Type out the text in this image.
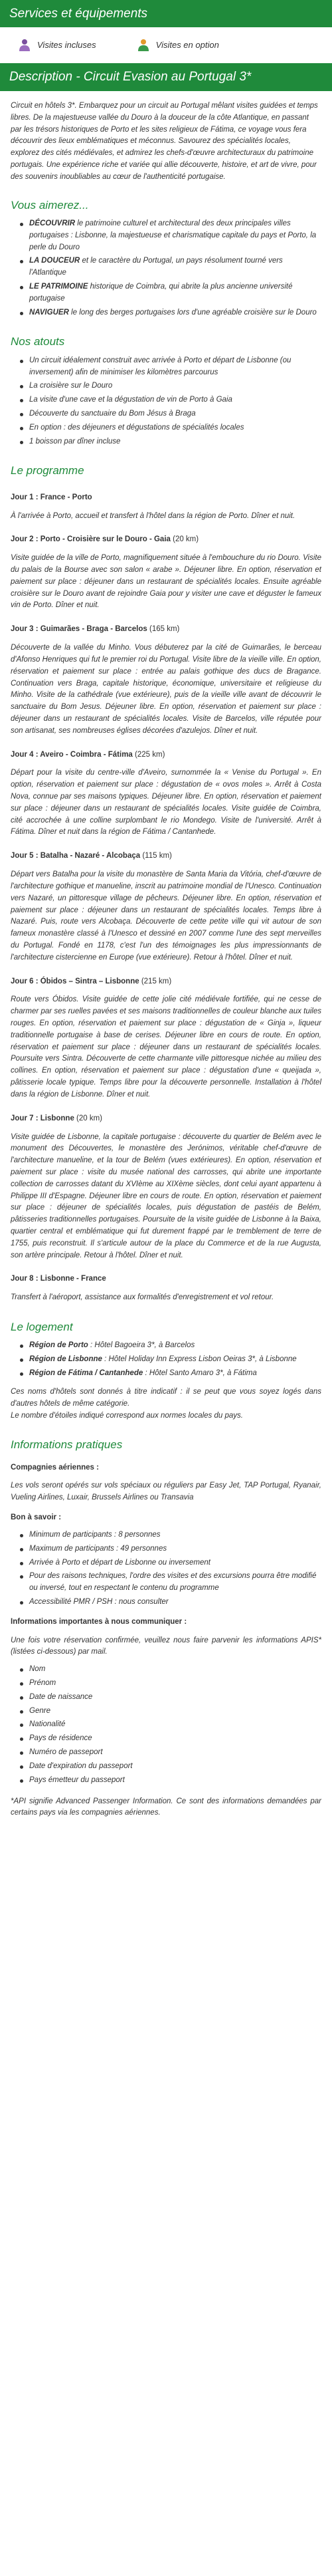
Services et équipements
Visites incluses	Visites en option
Description - Circuit Evasion au Portugal 3*

Circuit en hôtels 3*. Embarquez pour un circuit au Portugal mêlant visites guidées et temps libres. De la majestueuse vallée du Douro à la douceur de la côte Atlantique, en passant par les trésors historiques de Porto et les sites religieux de Fátima, ce voyage vous fera découvrir des lieux emblématiques et méconnus. Savourez des spécialités locales, explorez des cités médiévales, et admirez les chefs-d'œuvre architecturaux du patrimoine portugais. Une expérience riche et variée qui allie découverte, histoire, et art de vivre, pour des souvenirs inoubliables au cœur de l'authenticité portugaise.

Vous aimerez...
DÉCOUVRIR le patrimoine culturel et architectural des deux principales villes portugaises : Lisbonne, la majestueuse et charismatique capitale du pays et Porto, la perle du Douro
LA DOUCEUR et le caractère du Portugal, un pays résolument tourné vers l'Atlantique
LE PATRIMOINE historique de Coimbra, qui abrite la plus ancienne université portugaise
NAVIGUER le long des berges portugaises lors d'une agréable croisière sur le Douro
Nos atouts
Un circuit idéalement construit avec arrivée à Porto et départ de Lisbonne (ou inversement) afin de minimiser les kilomètres parcourus
La croisière sur le Douro
La visite d'une cave et la dégustation de vin de Porto à Gaia
Découverte du sanctuaire du Bom Jésus à Braga
En option : des déjeuners et dégustations de spécialités locales
1 boisson par dîner incluse
Le programme
Jour 1 : France - Porto

À l'arrivée à Porto, accueil et transfert à l'hôtel dans la région de Porto. Dîner et nuit.

Jour 2 : Porto - Croisière sur le Douro - Gaia (20 km)

Visite guidée de la ville de Porto, magnifiquement située à l'embouchure du rio Douro. Visite du palais de la Bourse avec son salon « arabe ». Déjeuner libre. En option, réservation et paiement sur place : déjeuner dans un restaurant de spécialités locales. Ensuite agréable croisière sur le Douro avant de rejoindre Gaia pour y visiter une cave et déguster le fameux vin de Porto. Dîner et nuit.

Jour 3 : Guimarães - Braga - Barcelos (165 km)

Découverte de la vallée du Minho. Vous débuterez par la cité de Guimarães, le berceau d'Afonso Henriques qui fut le premier roi du Portugal. Visite libre de la vieille ville. En option, réservation et paiement sur place : entrée au palais gothique des ducs de Bragance. Continuation vers Braga, capitale historique, économique, universitaire et religieuse du Minho. Visite de la cathédrale (vue extérieure), puis de la vieille ville avant de découvrir le sanctuaire du Bom Jesus. Déjeuner libre. En option, réservation et paiement sur place : déjeuner dans un restaurant de spécialités locales. Visite de Barcelos, ville réputée pour son artisanat, ses nombreuses églises décorées d'azulejos. Dîner et nuit.

Jour 4 : Aveiro - Coimbra - Fátima (225 km)

Départ pour la visite du centre-ville d'Aveiro, surnommée la « Venise du Portugal ». En option, réservation et paiement sur place : dégustation de « ovos moles ». Arrêt à Costa Nova, connue par ses maisons typiques. Déjeuner libre. En option, réservation et paiement sur place : déjeuner dans un restaurant de spécialités locales. Visite guidée de Coimbra, cité accrochée à une colline surplombant le rio Mondego. Visite de l'université. Arrêt à Fátima. Dîner et nuit dans la région de Fátima / Cantanhede.

Jour 5 : Batalha - Nazaré - Alcobaça (115 km)

Départ vers Batalha pour la visite du monastère de Santa Maria da Vitória, chef-d'œuvre de l'architecture gothique et manueline, inscrit au patrimoine mondial de l'Unesco. Continuation vers Nazaré, un pittoresque village de pêcheurs. Déjeuner libre. En option, réservation et paiement sur place : déjeuner dans un restaurant de spécialités locales. Temps libre à Nazaré. Puis, route vers Alcobaça. Découverte de cette petite ville qui vit autour de son fameux monastère classé à l'Unesco et dessiné en 2007 comme l'une des sept merveilles du Portugal. Fondé en 1178, c'est l'un des témoignages les plus impressionnants de l'architecture cistercienne en Europe (vue extérieure). Retour à l'hôtel. Dîner et nuit.

Jour 6 : Óbidos – Sintra – Lisbonne (215 km)

Route vers Óbidos. Visite guidée de cette jolie cité médiévale fortifiée, qui ne cesse de charmer par ses ruelles pavées et ses maisons traditionnelles de couleur blanche aux tuiles rouges. En option, réservation et paiement sur place : dégustation de « Ginja », liqueur traditionnelle portugaise à base de cerises. Déjeuner libre en cours de route. En option, réservation et paiement sur place : déjeuner dans un restaurant de spécialités locales. Poursuite vers Sintra. Découverte de cette charmante ville pittoresque nichée au milieu des collines. En option, réservation et paiement sur place : dégustation d'une « queijada », pâtisserie locale typique. Temps libre pour la découverte personnelle. Installation à l'hôtel dans la région de Lisbonne. Dîner et nuit.

Jour 7 : Lisbonne (20 km)

Visite guidée de Lisbonne, la capitale portugaise : découverte du quartier de Belém avec le monument des Découvertes, le monastère des Jerónimos, véritable chef-d'œuvre de l'architecture manueline, et la tour de Belém (vues extérieures). En option, réservation et paiement sur place : visite du musée national des carrosses, qui abrite une importante collection de carrosses datant du XVIème au XIXème siècles, dont celui ayant appartenu à Philippe III d'Espagne. Déjeuner libre en cours de route. En option, réservation et paiement sur place : déjeuner de spécialités locales, puis dégustation de pastéis de Belém, pâtisseries traditionnelles portugaises. Poursuite de la visite guidée de Lisbonne à la Baixa, quartier central et emblématique qui fut durement frappé par le tremblement de terre de 1755, puis reconstruit. Il s'articule autour de la place du Commerce et de la rue Augusta, son artère principale. Retour à l'hôtel. Dîner et nuit.

Jour 8 : Lisbonne - France

Transfert à l'aéroport, assistance aux formalités d'enregistrement et vol retour.

Le logement
Région de Porto : Hôtel Bagoeira 3*, à Barcelos
Région de Lisbonne : Hôtel Holiday Inn Express Lisbon Oeiras 3*, à Lisbonne
Région de Fátima / Cantanhede : Hôtel Santo Amaro 3*, à Fátima

Ces noms d'hôtels sont donnés à titre indicatif : il se peut que vous soyez logés dans d'autres hôtels de même catégorie.

Le nombre d'étoiles indiqué correspond aux normes locales du pays.

Informations pratiques
Compagnies aériennes :

Les vols seront opérés sur vols spéciaux ou réguliers par Easy Jet, TAP Portugal, Ryanair, Vueling Airlines, Luxair, Brussels Airlines ou Transavia

Bon à savoir :
Minimum de participants : 8 personnes
Maximum de participants : 49 personnes
Arrivée à Porto et départ de Lisbonne ou inversement
Pour des raisons techniques, l'ordre des visites et des excursions pourra être modifié ou inversé, tout en respectant le contenu du programme
Accessibilité PMR / PSH : nous consulter
Informations importantes à nous communiquer :

Une fois votre réservation confirmée, veuillez nous faire parvenir les informations APIS* (listées ci-dessous) par mail.

Nom
Prénom
Date de naissance
Genre
Nationalité
Pays de résidence
Numéro de passeport
Date d'expiration du passeport
Pays émetteur du passeport

*API signifie Advanced Passenger Information. Ce sont des informations demandées par certains pays via les compagnies aériennes.
